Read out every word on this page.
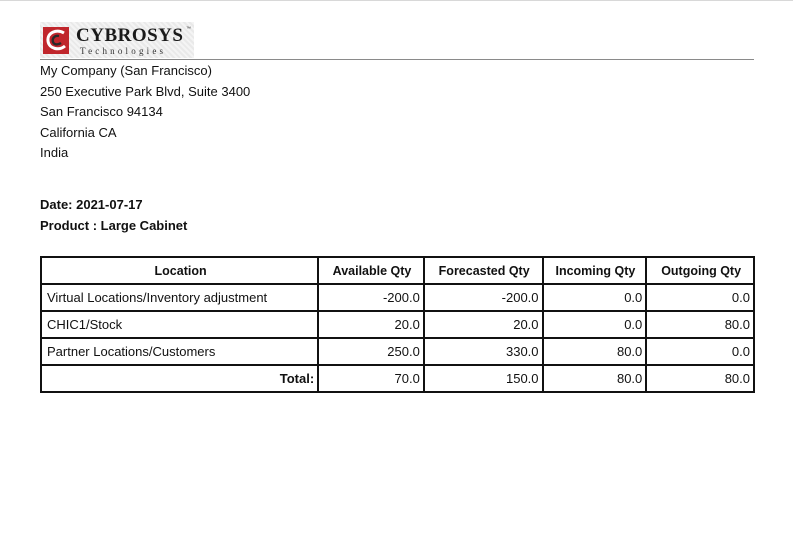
CYBROSYS ™
Technologies
My Company (San Francisco)
250 Executive Park Blvd, Suite 3400
San Francisco 94134
California CA
India
Date: 2021-07-17
Product : Large Cabinet
Location	Available Qty	Forecasted Qty	Incoming Qty	Outgoing Qty
Virtual Locations/Inventory adjustment	-200.0	-200.0	0.0	0.0
CHIC1/Stock	20.0	20.0	0.0	80.0
Partner Locations/Customers	250.0	330.0	80.0	0.0
Total:	70.0	150.0	80.0	80.0
